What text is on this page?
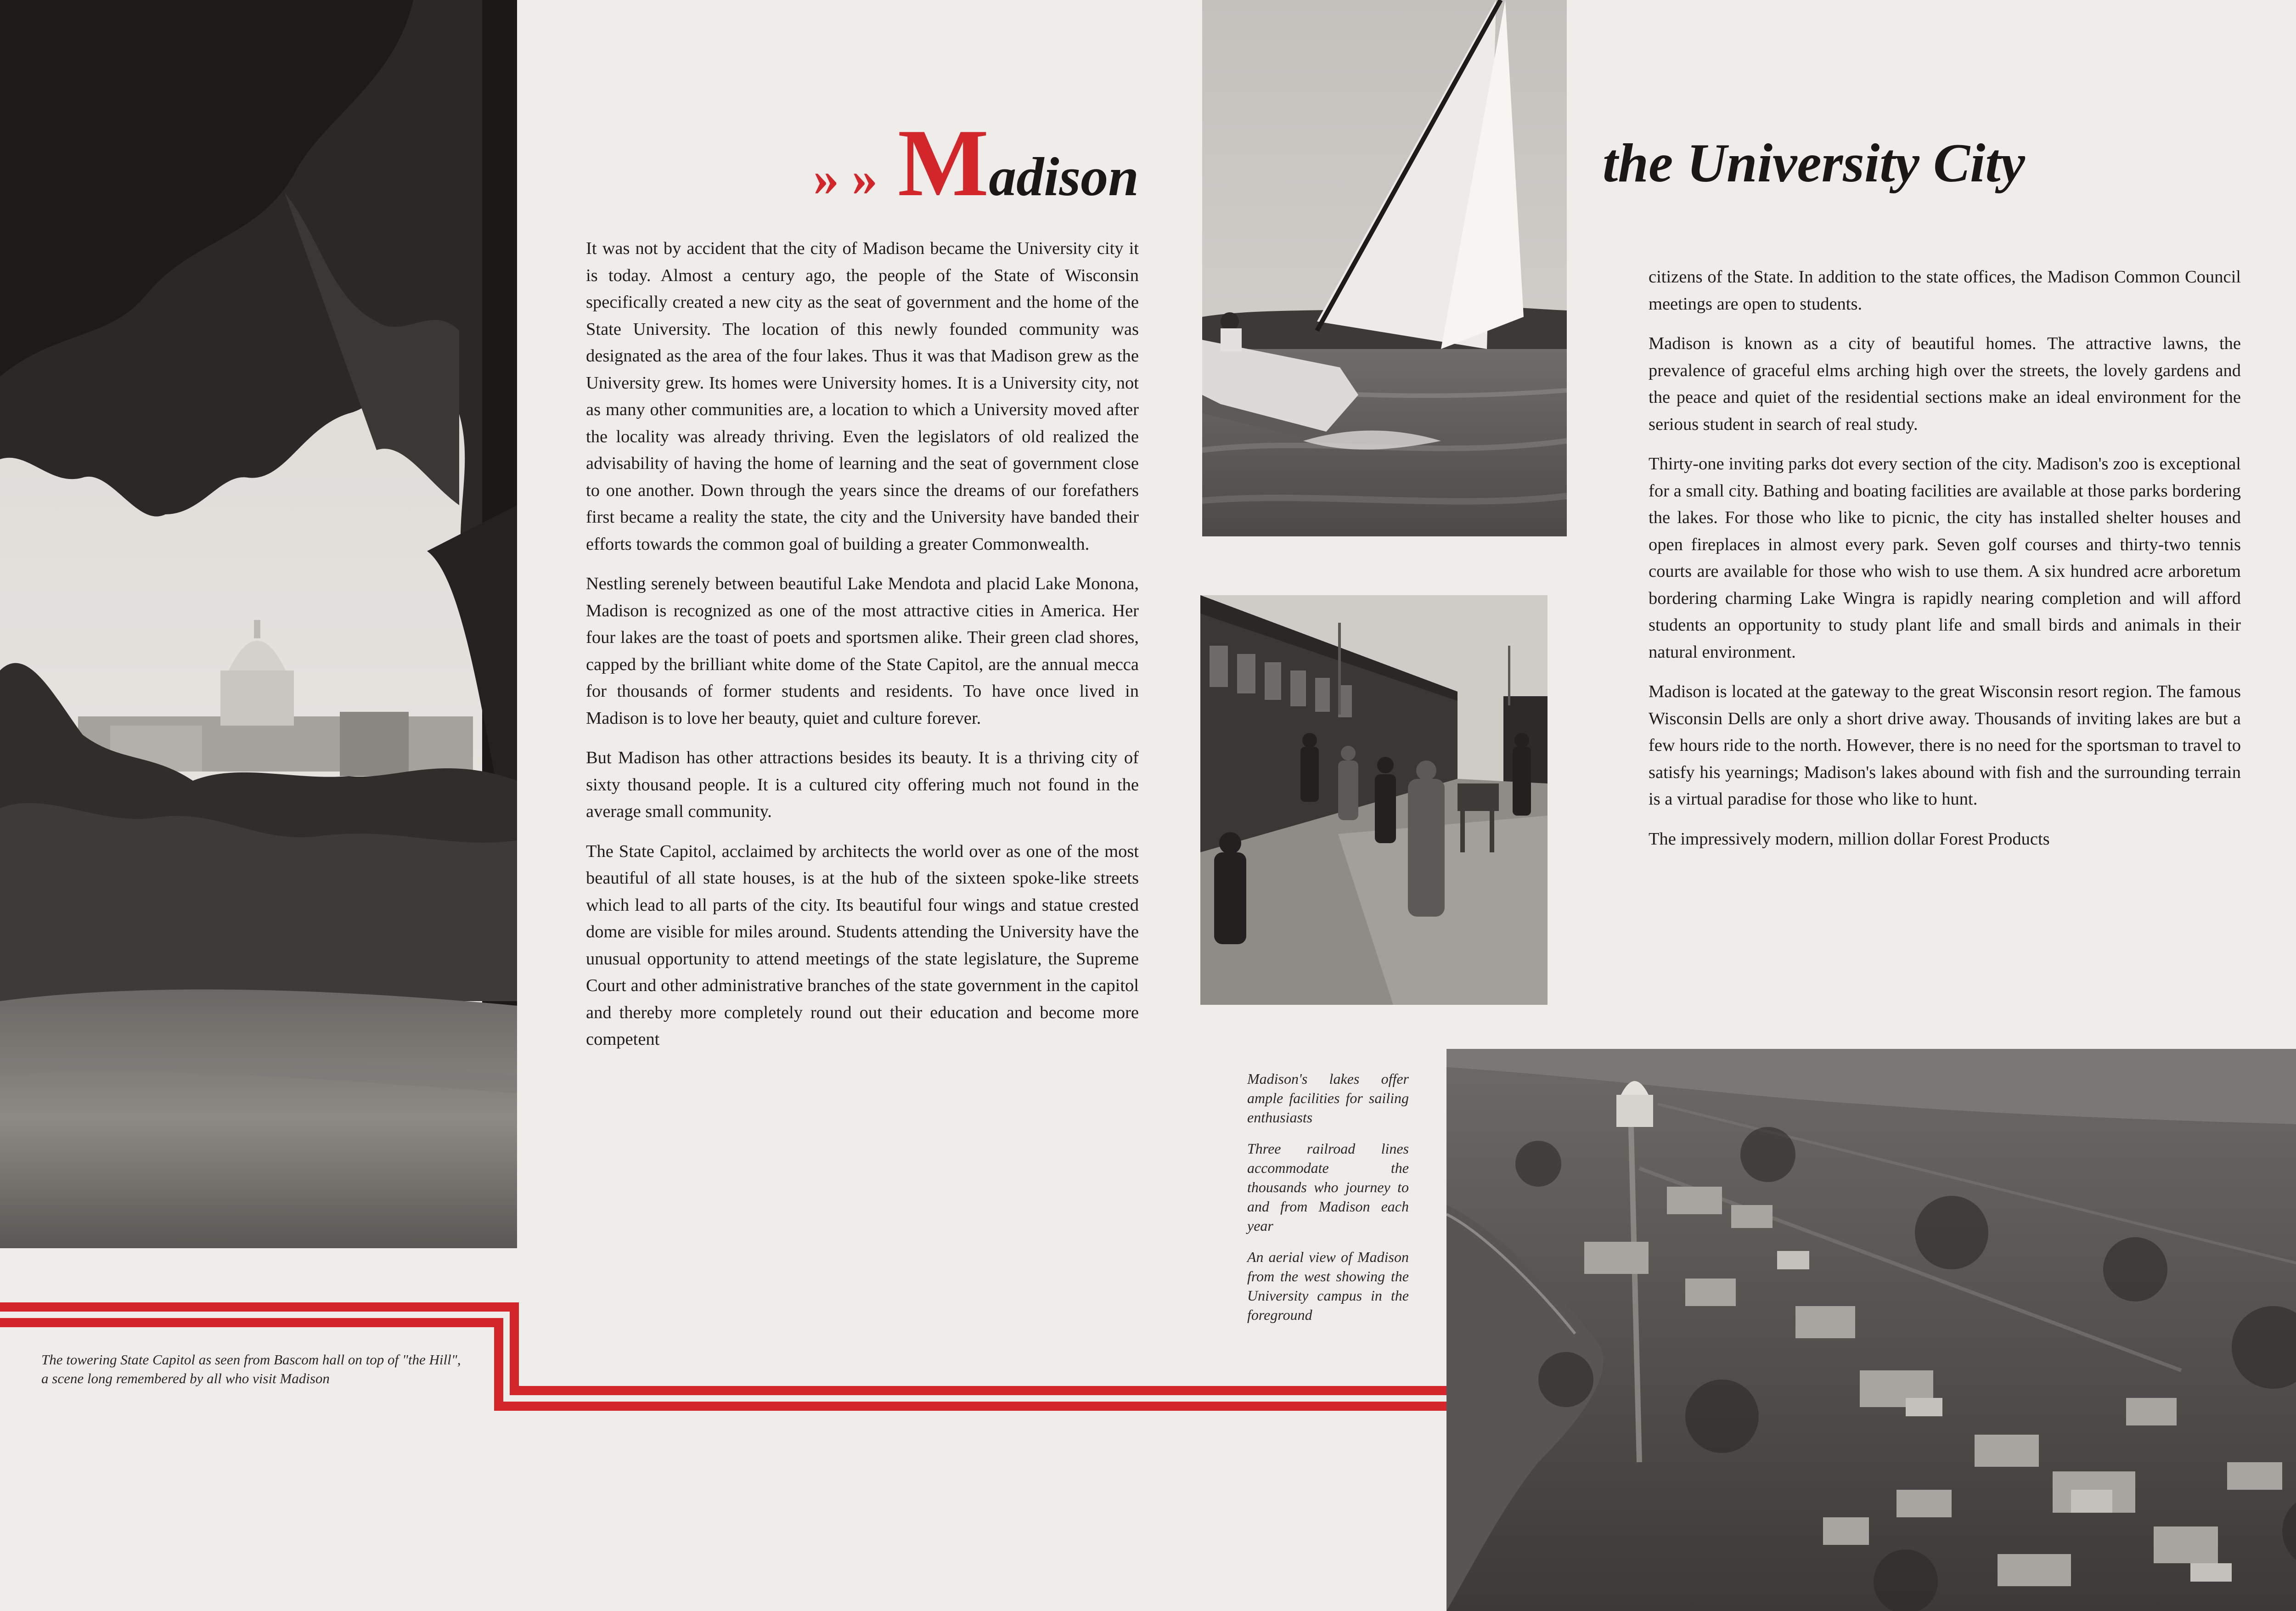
» » Madison	the University City

It was not by accident that the city of Madison became the University city it is today. Almost a century ago, the people of the State of Wisconsin specifically created a new city as the seat of government and the home of the State University. The location of this newly founded community was designated as the area of the four lakes. Thus it was that Madison grew as the University grew. Its homes were University homes. It is a University city, not as many other communities are, a location to which a University moved after the locality was already thriving. Even the legislators of old realized the advisability of having the home of learning and the seat of government close to one another. Down through the years since the dreams of our forefathers first became a reality the state, the city and the University have banded their efforts towards the common goal of building a greater Commonwealth.

Nestling serenely between beautiful Lake Mendota and placid Lake Monona, Madison is recognized as one of the most attractive cities in America. Her four lakes are the toast of poets and sportsmen alike. Their green clad shores, capped by the brilliant white dome of the State Capitol, are the annual mecca for thousands of former students and residents. To have once lived in Madison is to love her beauty, quiet and culture forever.

But Madison has other attractions besides its beauty. It is a thriving city of sixty thousand people. It is a cultured city offering much not found in the average small community.

The State Capitol, acclaimed by architects the world over as one of the most beautiful of all state houses, is at the hub of the sixteen spoke-like streets which lead to all parts of the city. Its beautiful four wings and statue crested dome are visible for miles around. Students attending the University have the unusual opportunity to attend meetings of the state legislature, the Supreme Court and other administrative branches of the state government in the capitol and thereby more completely round out their education and become more competent

citizens of the State. In addition to the state offices, the Madison Common Council meetings are open to students.

Madison is known as a city of beautiful homes. The attractive lawns, the prevalence of graceful elms arching high over the streets, the lovely gardens and the peace and quiet of the residential sections make an ideal environment for the serious student in search of real study.

Thirty-one inviting parks dot every section of the city. Madison's zoo is exceptional for a small city. Bathing and boating facilities are available at those parks bordering the lakes. For those who like to picnic, the city has installed shelter houses and open fireplaces in almost every park. Seven golf courses and thirty-two tennis courts are available for those who wish to use them. A six hundred acre arboretum bordering charming Lake Wingra is rapidly nearing completion and will afford students an opportunity to study plant life and small birds and animals in their natural environment.

Madison is located at the gateway to the great Wisconsin resort region. The famous Wisconsin Dells are only a short drive away. Thousands of inviting lakes are but a few hours ride to the north. However, there is no need for the sportsman to travel to satisfy his yearnings; Madison's lakes abound with fish and the surrounding terrain is a virtual paradise for those who like to hunt.

The impressively modern, million dollar Forest Products

The towering State Capitol as seen from Bascom hall on top of "the Hill", a scene long remembered by all who visit Madison

Madison's lakes offer ample facilities for sailing enthusiasts

Three railroad lines accommodate the thousands who journey to and from Madison each year

An aerial view of Madison from the west showing the University campus in the foreground
